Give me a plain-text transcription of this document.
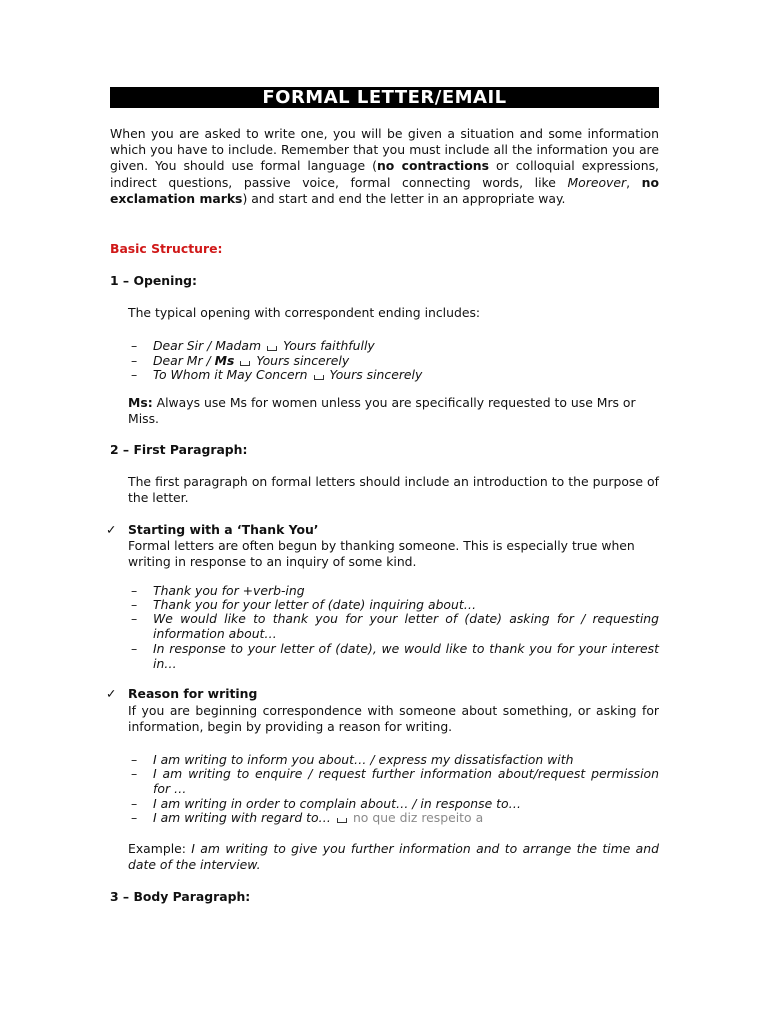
FORMAL LETTER/EMAIL
When you are asked to write one, you will be given a situation and some information which you have to include. Remember that you must include all the information you are given. You should use formal language (no contractions or colloquial expressions, indirect questions, passive voice, formal connecting words, like Moreover, no exclamation marks) and start and end the letter in an appropriate way.
Basic Structure:
1 – Opening:
The typical opening with correspondent ending includes:
– Dear Sir / Madam Yours faithfully
– Dear Mr / Ms Yours sincerely
– To Whom it May Concern Yours sincerely
Ms: Always use Ms for women unless you are specifically requested to use Mrs or Miss.
2 – First Paragraph:
The first paragraph on formal letters should include an introduction to the purpose of the letter.
✓ Starting with a ‘Thank You’
Formal letters are often begun by thanking someone. This is especially true when writing in response to an inquiry of some kind.
– Thank you for +verb-ing
– Thank you for your letter of (date) inquiring about…
– We would like to thank you for your letter of (date) asking for / requesting information about…
– In response to your letter of (date), we would like to thank you for your interest in…
✓ Reason for writing
If you are beginning correspondence with someone about something, or asking for information, begin by providing a reason for writing.
– I am writing to inform you about… / express my dissatisfaction with
– I am writing to enquire / request further information about/request permission for …
– I am writing in order to complain about… / in response to…
– I am writing with regard to… no que diz respeito a
Example: I am writing to give you further information and to arrange the time and date of the interview.
3 – Body Paragraph:
